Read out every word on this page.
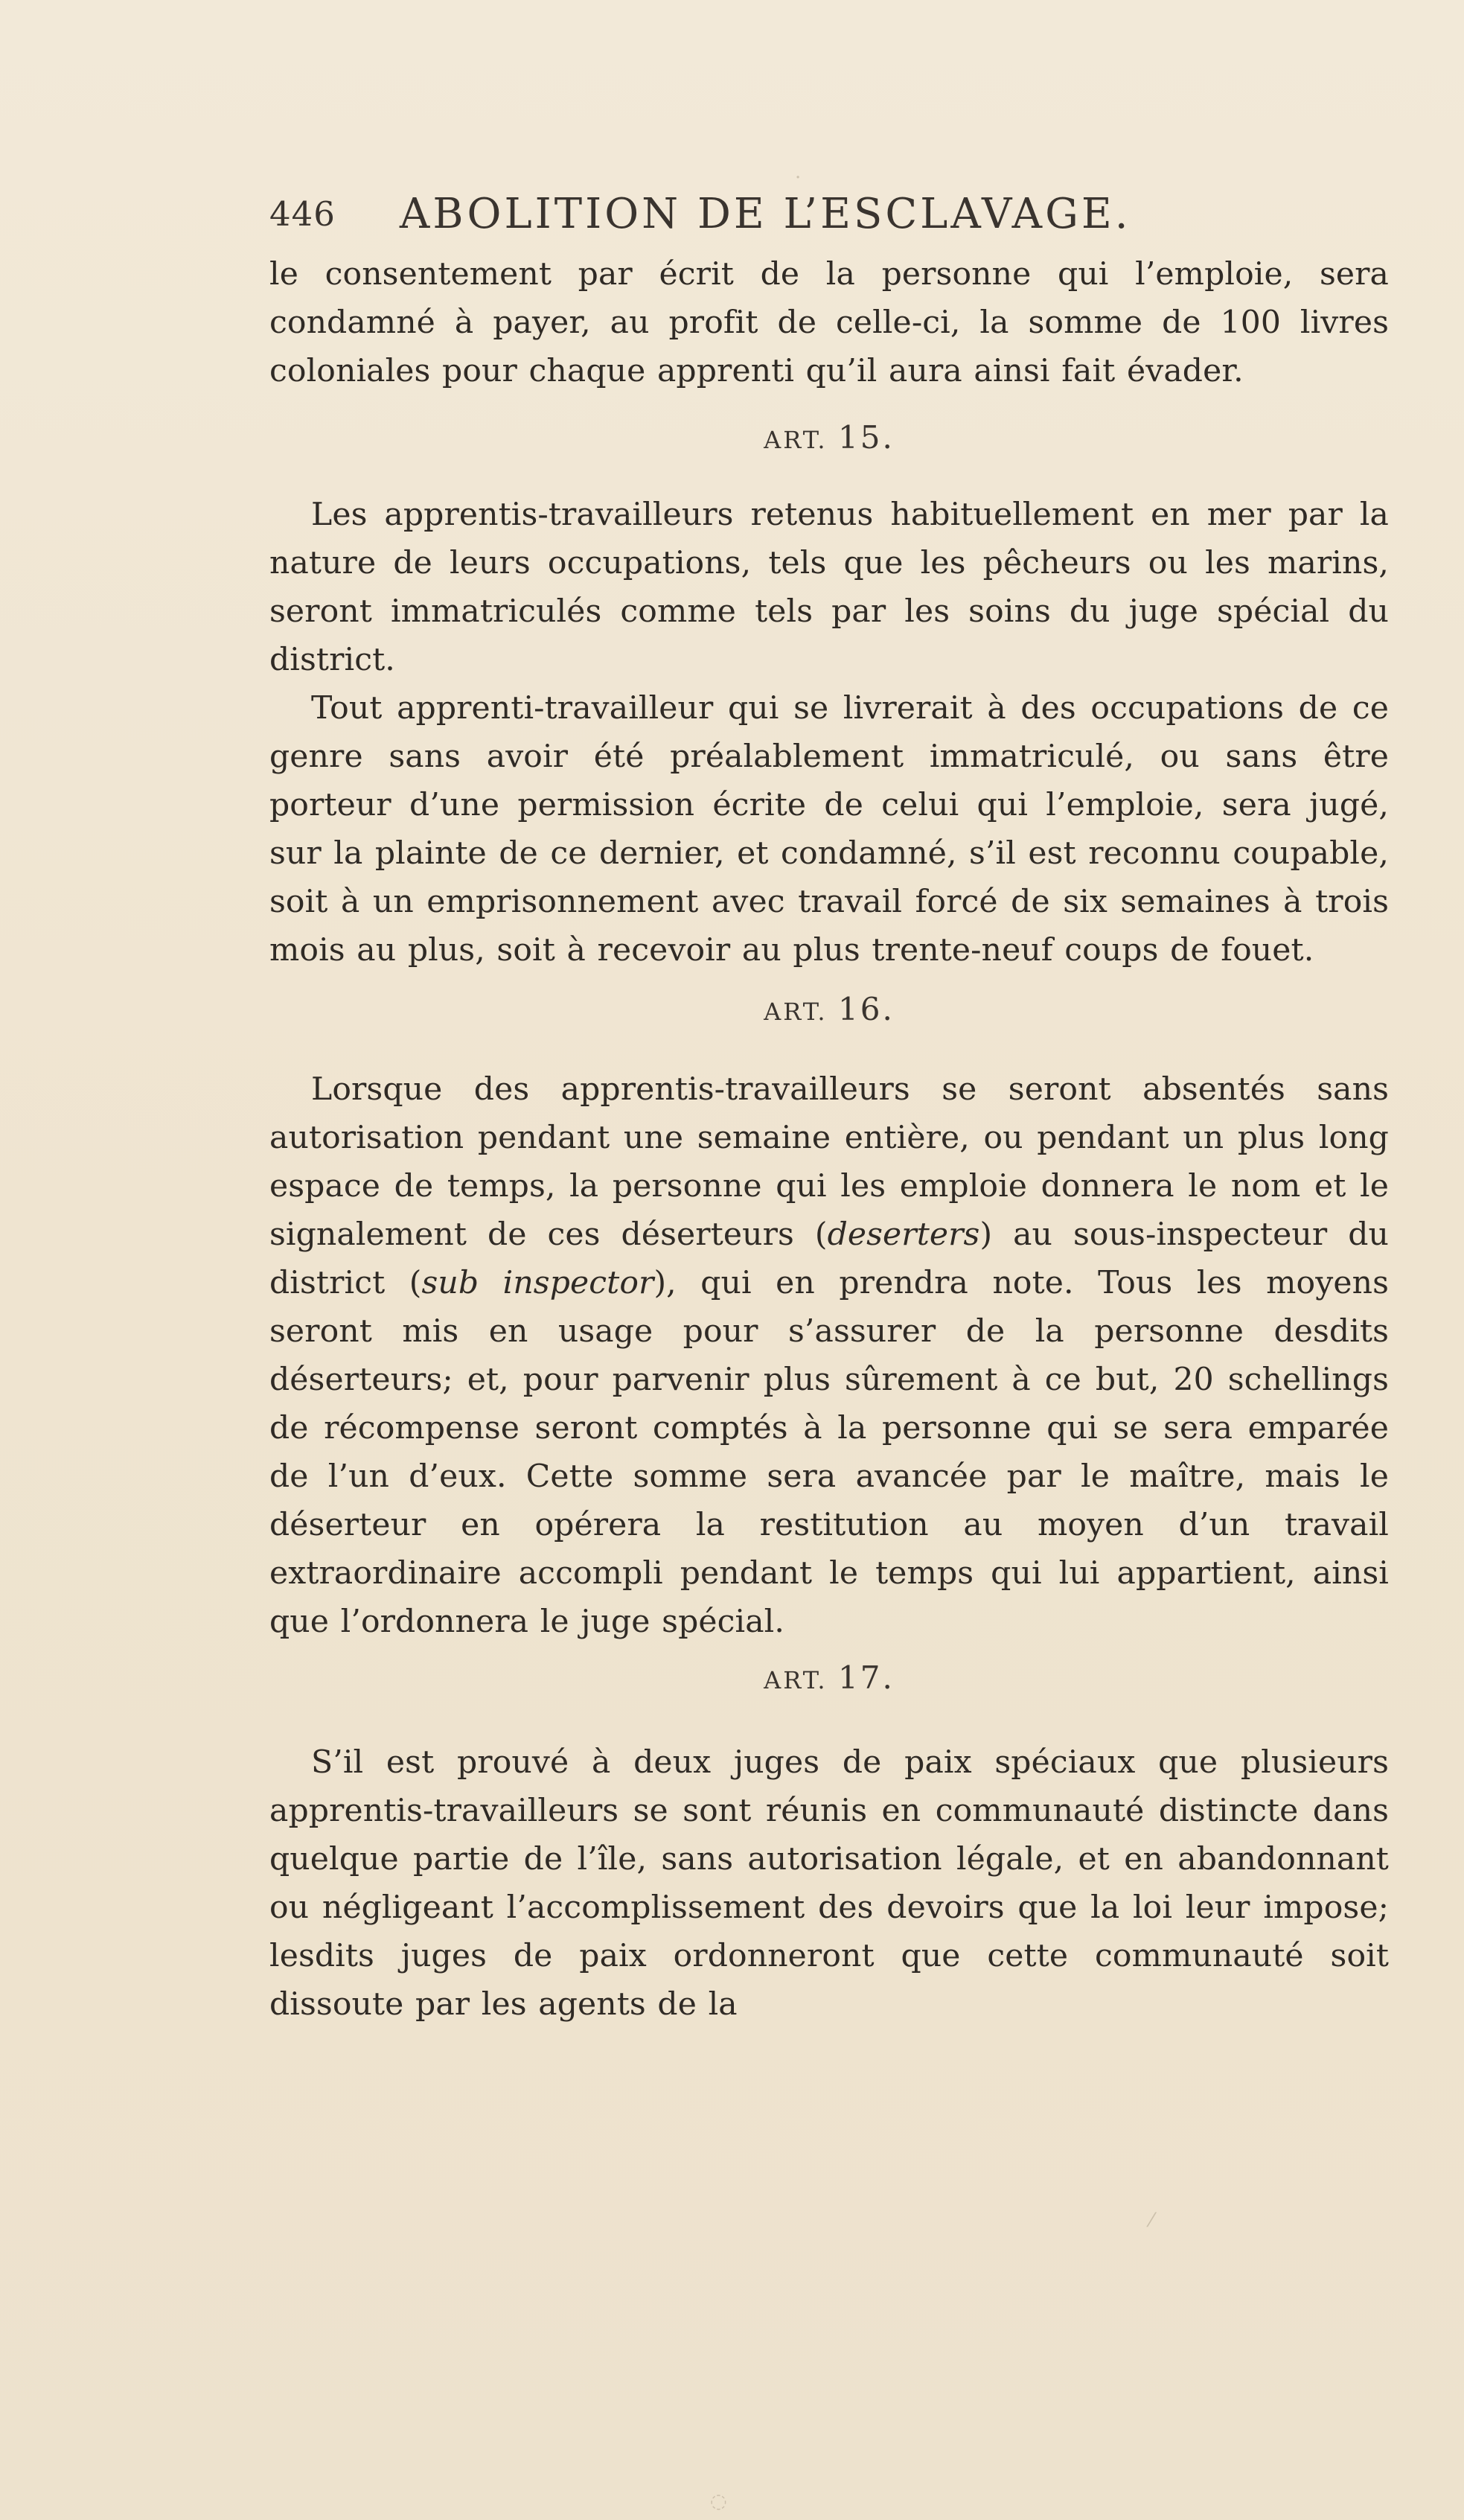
446 ABOLITION DE L’ESCLAVAGE.

le consentement par écrit de la personne qui l’emploie, sera condamné à payer, au profit de celle-ci, la somme de 100 livres coloniales pour chaque apprenti qu’il aura ainsi fait évader.

ART. 15.

Les apprentis-travailleurs retenus habituellement en mer par la nature de leurs occupations, tels que les pêcheurs ou les marins, seront immatriculés comme tels par les soins du juge spécial du district.

Tout apprenti-travailleur qui se livrerait à des occupations de ce genre sans avoir été préalablement immatriculé, ou sans être porteur d’une permission écrite de celui qui l’emploie, sera jugé, sur la plainte de ce dernier, et condamné, s’il est reconnu coupable, soit à un emprisonnement avec travail forcé de six semaines à trois mois au plus, soit à recevoir au plus trente-neuf coups de fouet.

ART. 16.

Lorsque des apprentis-travailleurs se seront absentés sans autorisation pendant une semaine entière, ou pendant un plus long espace de temps, la personne qui les emploie donnera le nom et le signalement de ces déserteurs (deserters) au sous-inspecteur du district (sub inspector), qui en prendra note. Tous les moyens seront mis en usage pour s’assurer de la personne desdits déserteurs; et, pour parvenir plus sûrement à ce but, 20 schellings de récompense seront comptés à la personne qui se sera emparée de l’un d’eux. Cette somme sera avancée par le maître, mais le déserteur en opérera la restitution au moyen d’un travail extraordinaire accompli pendant le temps qui lui appartient, ainsi que l’ordonnera le juge spécial.

ART. 17.

S’il est prouvé à deux juges de paix spéciaux que plusieurs apprentis-travailleurs se sont réunis en communauté distincte dans quelque partie de l’île, sans autorisation légale, et en abandonnant ou négligeant l’accomplissement des devoirs que la loi leur impose; lesdits juges de paix ordonneront que cette communauté soit dissoute par les agents de la

·
⁄
◌
